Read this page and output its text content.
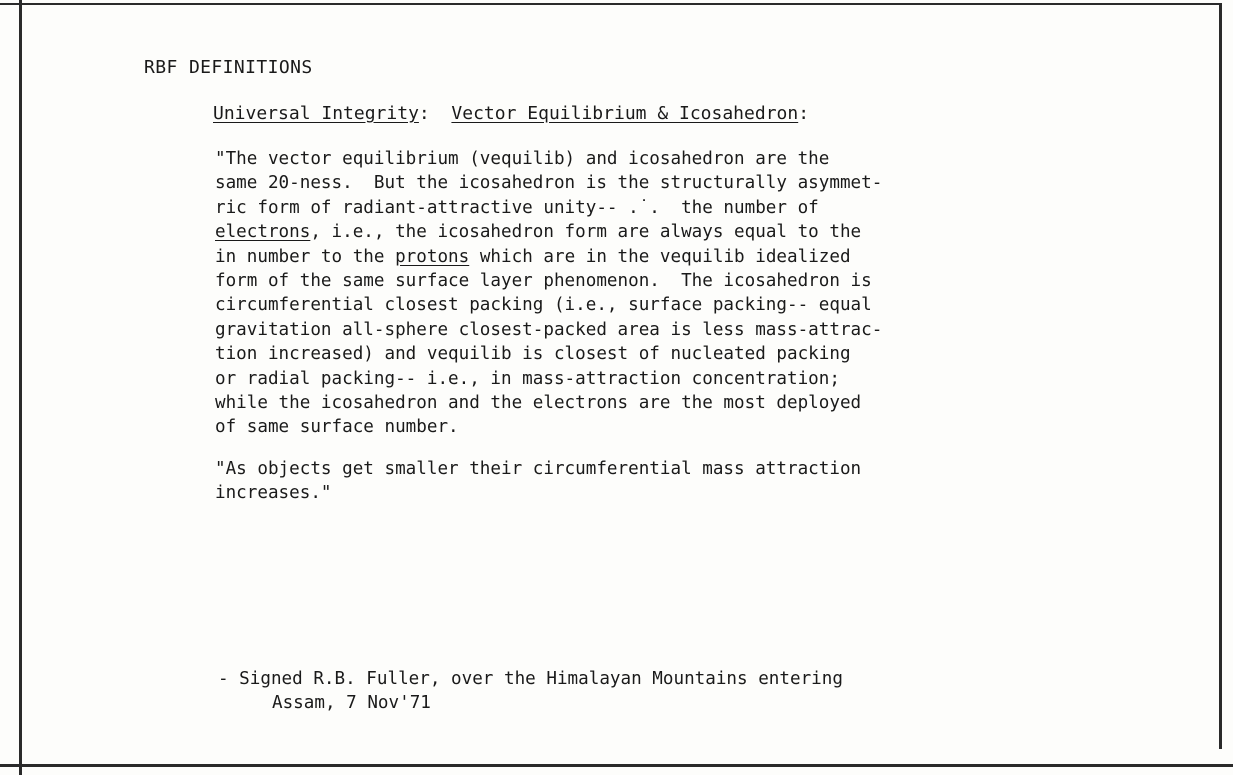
RBF DEFINITIONS
Universal Integrity:  Vector Equilibrium & Icosahedron:
"The vector equilibrium (vequilib) and icosahedron are the
same 20-ness.  But the icosahedron is the structurally asymmet-
ric form of radiant-attractive unity-- .˙.  the number of
electrons, i.e., the icosahedron form are always equal to the
in number to the protons which are in the vequilib idealized
form of the same surface layer phenomenon.  The icosahedron is
circumferential closest packing (i.e., surface packing-- equal
gravitation all-sphere closest-packed area is less mass-attrac-
tion increased) and vequilib is closest of nucleated packing
or radial packing-- i.e., in mass-attraction concentration;
while the icosahedron and the electrons are the most deployed
of same surface number.
"As objects get smaller their circumferential mass attraction
increases."
- Signed R.B. Fuller, over the Himalayan Mountains entering
Assam, 7 Nov'71
